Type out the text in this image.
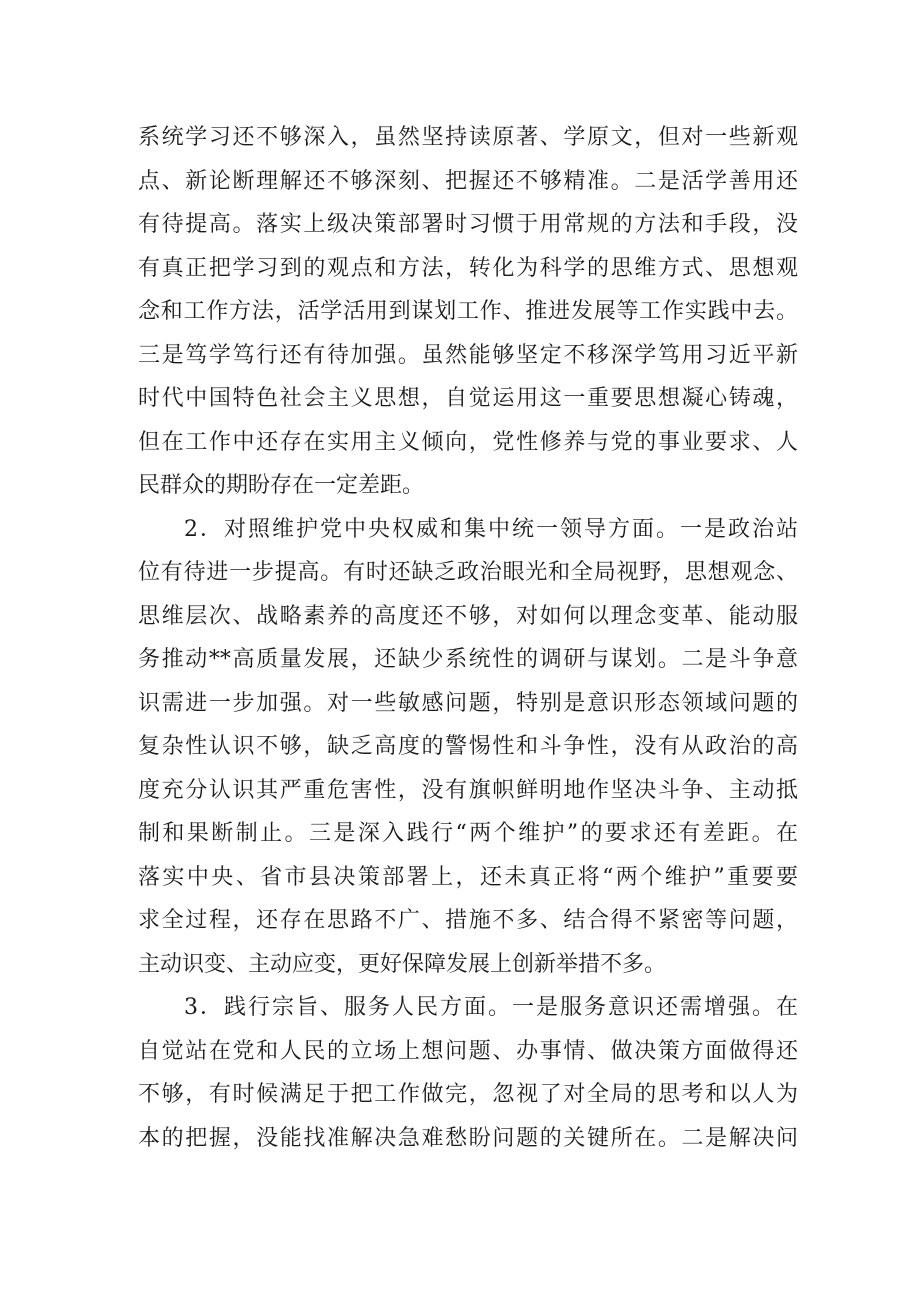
系统学习还不够深入，虽然坚持读原著、学原文，但对一些新观
点、新论断理解还不够深刻、把握还不够精准。二是活学善用还
有待提高。落实上级决策部署时习惯于用常规的方法和手段，没
有真正把学习到的观点和方法，转化为科学的思维方式、思想观
念和工作方法，活学活用到谋划工作、推进发展等工作实践中去。
三是笃学笃行还有待加强。虽然能够坚定不移深学笃用习近平新
时代中国特色社会主义思想，自觉运用这一重要思想凝心铸魂，
但在工作中还存在实用主义倾向，党性修养与党的事业要求、人
民群众的期盼存在一定差距。
2．对照维护党中央权威和集中统一领导方面。一是政治站
位有待进一步提高。有时还缺乏政治眼光和全局视野，思想观念、
思维层次、战略素养的高度还不够，对如何以理念变革、能动服
务推动**高质量发展，还缺少系统性的调研与谋划。二是斗争意
识需进一步加强。对一些敏感问题，特别是意识形态领域问题的
复杂性认识不够，缺乏高度的警惕性和斗争性，没有从政治的高
度充分认识其严重危害性，没有旗帜鲜明地作坚决斗争、主动抵
制和果断制止。三是深入践行“两个维护”的要求还有差距。在
落实中央、省市县决策部署上，还未真正将“两个维护”重要要
求全过程，还存在思路不广、措施不多、结合得不紧密等问题，
主动识变、主动应变，更好保障发展上创新举措不多。
3．践行宗旨、服务人民方面。一是服务意识还需增强。在
自觉站在党和人民的立场上想问题、办事情、做决策方面做得还
不够，有时候满足于把工作做完，忽视了对全局的思考和以人为
本的把握，没能找准解决急难愁盼问题的关键所在。二是解决问
